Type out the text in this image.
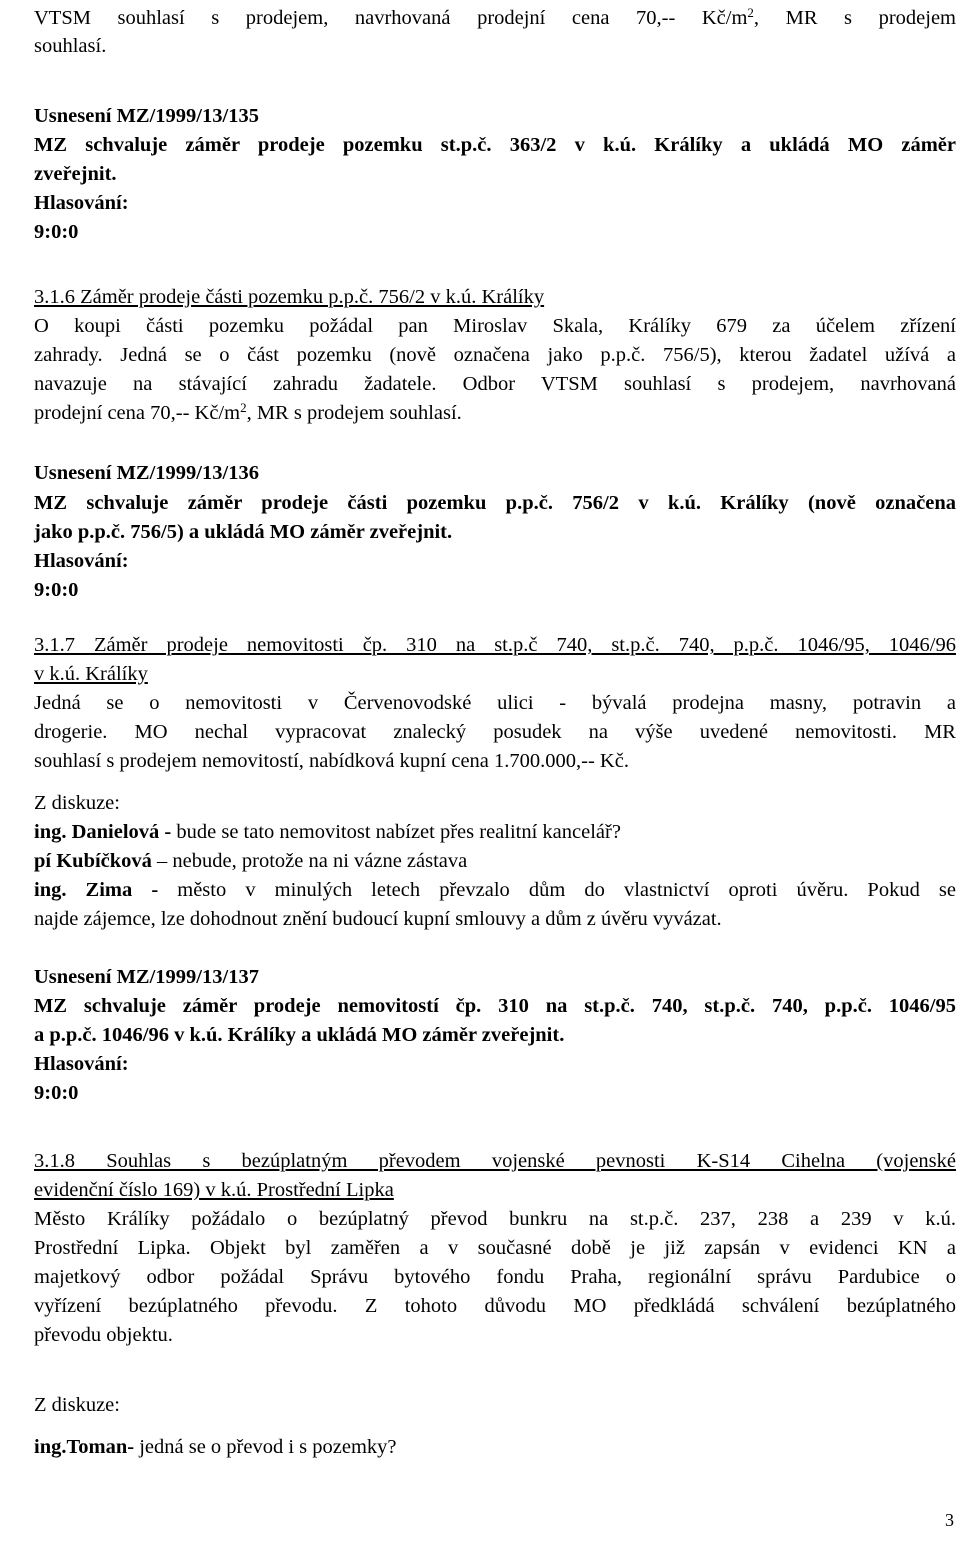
VTSM souhlasí s prodejem, navrhovaná prodejní cena 70,-- $Kč/m^2$, MR s prodejem
souhlasí.
Usnesení MZ/1999/13/135
MZ schvaluje záměr prodeje pozemku st.p.č. 363/2 v k.ú. Králíky a ukládá MO záměr
zveřejnit.
Hlasování:
9:0:0
3.1.6 Záměr prodeje části pozemku p.p.č. 756/2 v k.ú. Králíky
O koupi části pozemku požádal pan Miroslav Skala, Králíky 679 za účelem zřízení
zahrady. Jedná se o část pozemku (nově označena jako p.p.č. 756/5), kterou žadatel užívá a
navazuje na stávající zahradu žadatele. Odbor VTSM souhlasí s prodejem, navrhovaná
prodejní cena 70,-- $Kč/m^2$, MR s prodejem souhlasí.
Usnesení MZ/1999/13/136
MZ schvaluje záměr prodeje části pozemku p.p.č. 756/2 v k.ú. Králíky (nově označena
jako p.p.č. 756/5) a ukládá MO záměr zveřejnit.
Hlasování:
9:0:0
3.1.7 Záměr prodeje nemovitosti čp. 310 na st.p.č 740, st.p.č. 740, p.p.č. 1046/95, 1046/96
v k.ú. Králíky
Jedná se o nemovitosti v Červenovodské ulici - bývalá prodejna masny, potravin a
drogerie. MO nechal vypracovat znalecký posudek na výše uvedené nemovitosti. MR
souhlasí s prodejem nemovitostí, nabídková kupní cena 1.700.000,-- Kč.
Z diskuze:
ing. Danielová - bude se tato nemovitost nabízet přes realitní kancelář?
pí Kubíčková – nebude, protože na ni vázne zástava
ing. Zima - město v minulých letech převzalo dům do vlastnictví oproti úvěru. Pokud se
najde zájemce, lze dohodnout znění budoucí kupní smlouvy a dům z úvěru vyvázat.
Usnesení MZ/1999/13/137
MZ schvaluje záměr prodeje nemovitostí čp. 310 na st.p.č. 740, st.p.č. 740, p.p.č. 1046/95
a p.p.č. 1046/96 v k.ú. Králíky a ukládá MO záměr zveřejnit.
Hlasování:
9:0:0
3.1.8 Souhlas s bezúplatným převodem vojenské pevnosti K-S14 Cihelna (vojenské
evidenční číslo 169) v k.ú. Prostřední Lipka
Město Králíky požádalo o bezúplatný převod bunkru na st.p.č. 237, 238 a 239 v k.ú.
Prostřední Lipka. Objekt byl zaměřen a v současné době je již zapsán v evidenci KN a
majetkový odbor požádal Správu bytového fondu Praha, regionální správu Pardubice o
vyřízení bezúplatného převodu. Z tohoto důvodu MO předkládá schválení bezúplatného
převodu objektu.
Z diskuze:
ing.Toman- jedná se o převod i s pozemky?
3
